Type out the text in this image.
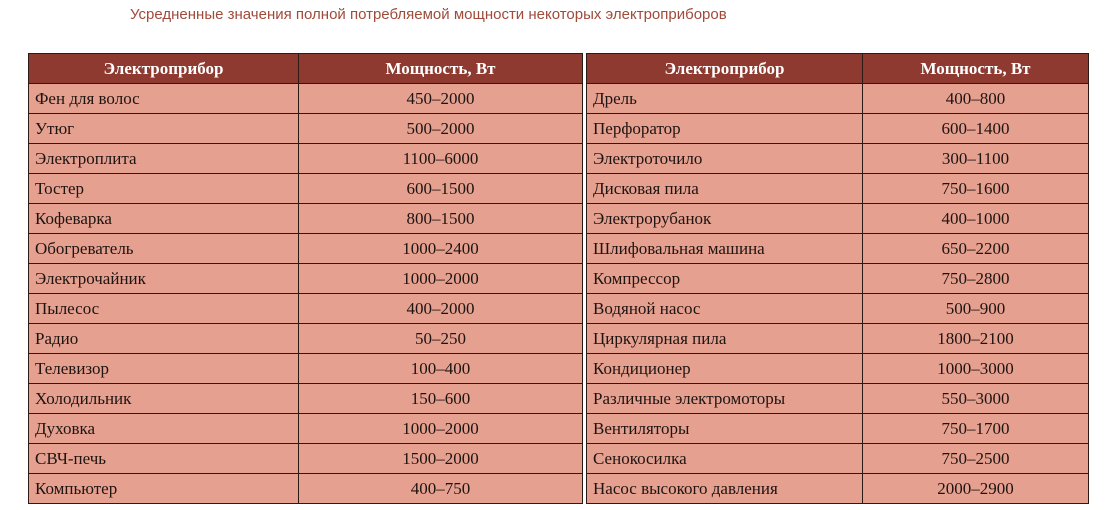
Усредненные значения полной потребляемой мощности некоторых электроприборов
Электроприбор	Мощность, Вт
Фен для волос	450–2000
Утюг	500–2000
Электроплита	1100–6000
Тостер	600–1500
Кофеварка	800–1500
Обогреватель	1000–2400
Электрочайник	1000–2000
Пылесос	400–2000
Радио	50–250
Телевизор	100–400
Холодильник	150–600
Духовка	1000–2000
СВЧ-печь	1500–2000
Компьютер	400–750
Электроприбор	Мощность, Вт
Дрель	400–800
Перфоратор	600–1400
Электроточило	300–1100
Дисковая пила	750–1600
Электрорубанок	400–1000
Шлифовальная машина	650–2200
Компрессор	750–2800
Водяной насос	500–900
Циркулярная пила	1800–2100
Кондиционер	1000–3000
Различные электромоторы	550–3000
Вентиляторы	750–1700
Сенокосилка	750–2500
Насос высокого давления	2000–2900
